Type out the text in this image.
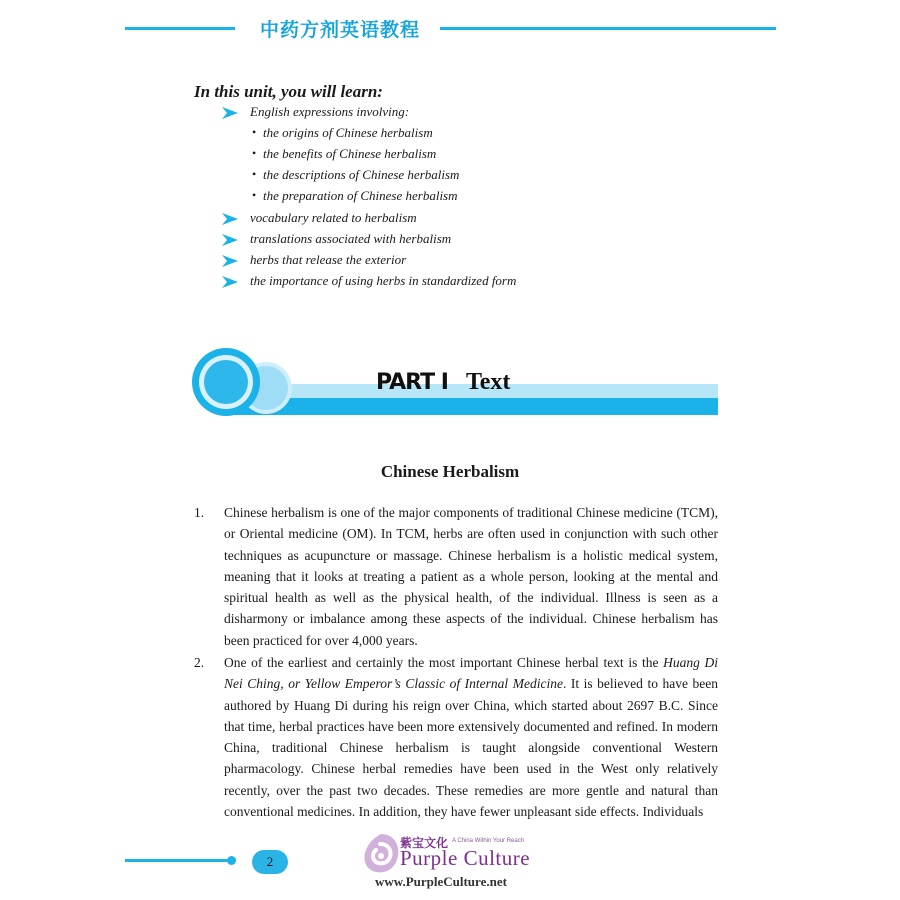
中药方剂英语教程
In this unit, you will learn:
English expressions involving:
• the origins of Chinese herbalism
• the benefits of Chinese herbalism
• the descriptions of Chinese herbalism
• the preparation of Chinese herbalism
vocabulary related to herbalism
translations associated with herbalism
herbs that release the exterior
the importance of using herbs in standardized form
PART I Text
Chinese Herbalism
1. Chinese herbalism is one of the major components of traditional Chinese medicine (TCM), or Oriental medicine (OM). In TCM, herbs are often used in conjunction with such other techniques as acupuncture or massage. Chinese herbalism is a holistic medical system, meaning that it looks at treating a patient as a whole person, looking at the mental and spiritual health as well as the physical health, of the individual. Illness is seen as a disharmony or imbalance among these aspects of the individual. Chinese herbalism has been practiced for over 4,000 years.
2. One of the earliest and certainly the most important Chinese herbal text is the Huang Di Nei Ching, or Yellow Emperor’s Classic of Internal Medicine. It is believed to have been authored by Huang Di during his reign over China, which started about 2697 B.C. Since that time, herbal practices have been more extensively documented and refined. In modern China, traditional Chinese herbalism is taught alongside conventional Western pharmacology. Chinese herbal remedies have been used in the West only relatively recently, over the past two decades. These remedies are more gentle and natural than conventional medicines. In addition, they have fewer unpleasant side effects. Individuals
2
紫宝文化 A China Within Your Reach
Purple Culture
www.PurpleCulture.net
